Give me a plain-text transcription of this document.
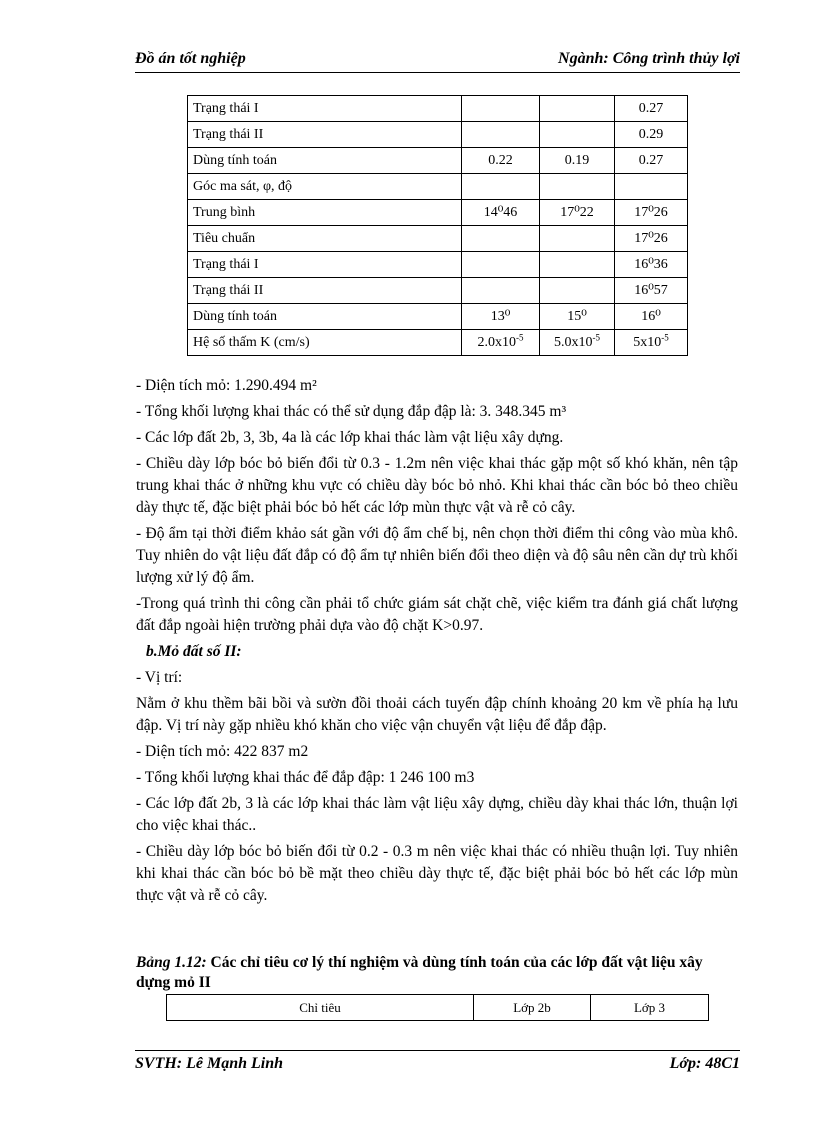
Đồ án tốt nghiệp	Ngành: Công trình thủy lợi
Trạng thái I			0.27
Trạng thái II			0.29
Dùng tính toán	0.22	0.19	0.27
Góc ma sát, φ, độ			
Trung bình	14⁰46	17⁰22	17⁰26
Tiêu chuẩn			17⁰26
Trạng thái I			16⁰36
Trạng thái II			16⁰57
Dùng tính toán	13⁰	15⁰	16⁰
Hệ số thấm K (cm/s)	$2.0x10^{-5}$	$5.0x10^{-5}$	$5x10^{-5}$

- Diện tích mỏ: 1.290.494 m²

- Tổng khối lượng khai thác có thể sử dụng đắp đập là: 3. 348.345 m³

- Các lớp đất 2b, 3, 3b, 4a là các lớp khai thác làm vật liệu xây dựng.

- Chiều dày lớp bóc bỏ biến đổi từ 0.3 - 1.2m nên việc khai thác gặp một số khó khăn, nên tập trung khai thác ở những khu vực có chiều dày bóc bỏ nhỏ. Khi khai thác cần bóc bỏ theo chiều dày thực tế, đặc biệt phải bóc bỏ hết các lớp mùn thực vật và rễ cỏ cây.

- Độ ẩm tại thời điểm khảo sát gần với độ ẩm chế bị, nên chọn thời điểm thi công vào mùa khô. Tuy nhiên do vật liệu đất đắp có độ ẩm tự nhiên biến đổi theo diện và độ sâu nên cần dự trù khối lượng xử lý độ ẩm.

-Trong quá trình thi công cần phải tổ chức giám sát chặt chẽ, việc kiểm tra đánh giá chất lượng đất đắp ngoài hiện trường phải dựa vào độ chặt K>0.97.

b.Mỏ đất số II:

- Vị trí:

Nằm ở khu thềm bãi bồi và sườn đồi thoải cách tuyến đập chính khoảng 20 km về phía hạ lưu đập. Vị trí này gặp nhiều khó khăn cho việc vận chuyển vật liệu để đắp đập.

- Diện tích mỏ: 422 837 m2

- Tổng khối lượng khai thác để đắp đập: 1 246 100 m3

- Các lớp đất 2b, 3 là các lớp khai thác làm vật liệu xây dựng, chiều dày khai thác lớn, thuận lợi cho việc khai thác..

- Chiều dày lớp bóc bỏ biến đổi từ 0.2 - 0.3 m nên việc khai thác có nhiều thuận lợi. Tuy nhiên khi khai thác cần bóc bỏ bề mặt theo chiều dày thực tế, đặc biệt phải bóc bỏ hết các lớp mùn thực vật và rễ cỏ cây.

Bảng 1.12: Các chỉ tiêu cơ lý thí nghiệm và dùng tính toán của các lớp đất vật liệu xây dựng mỏ II
Chỉ tiêu	Lớp 2b	Lớp 3
SVTH: Lê Mạnh Linh	Lớp: 48C1
